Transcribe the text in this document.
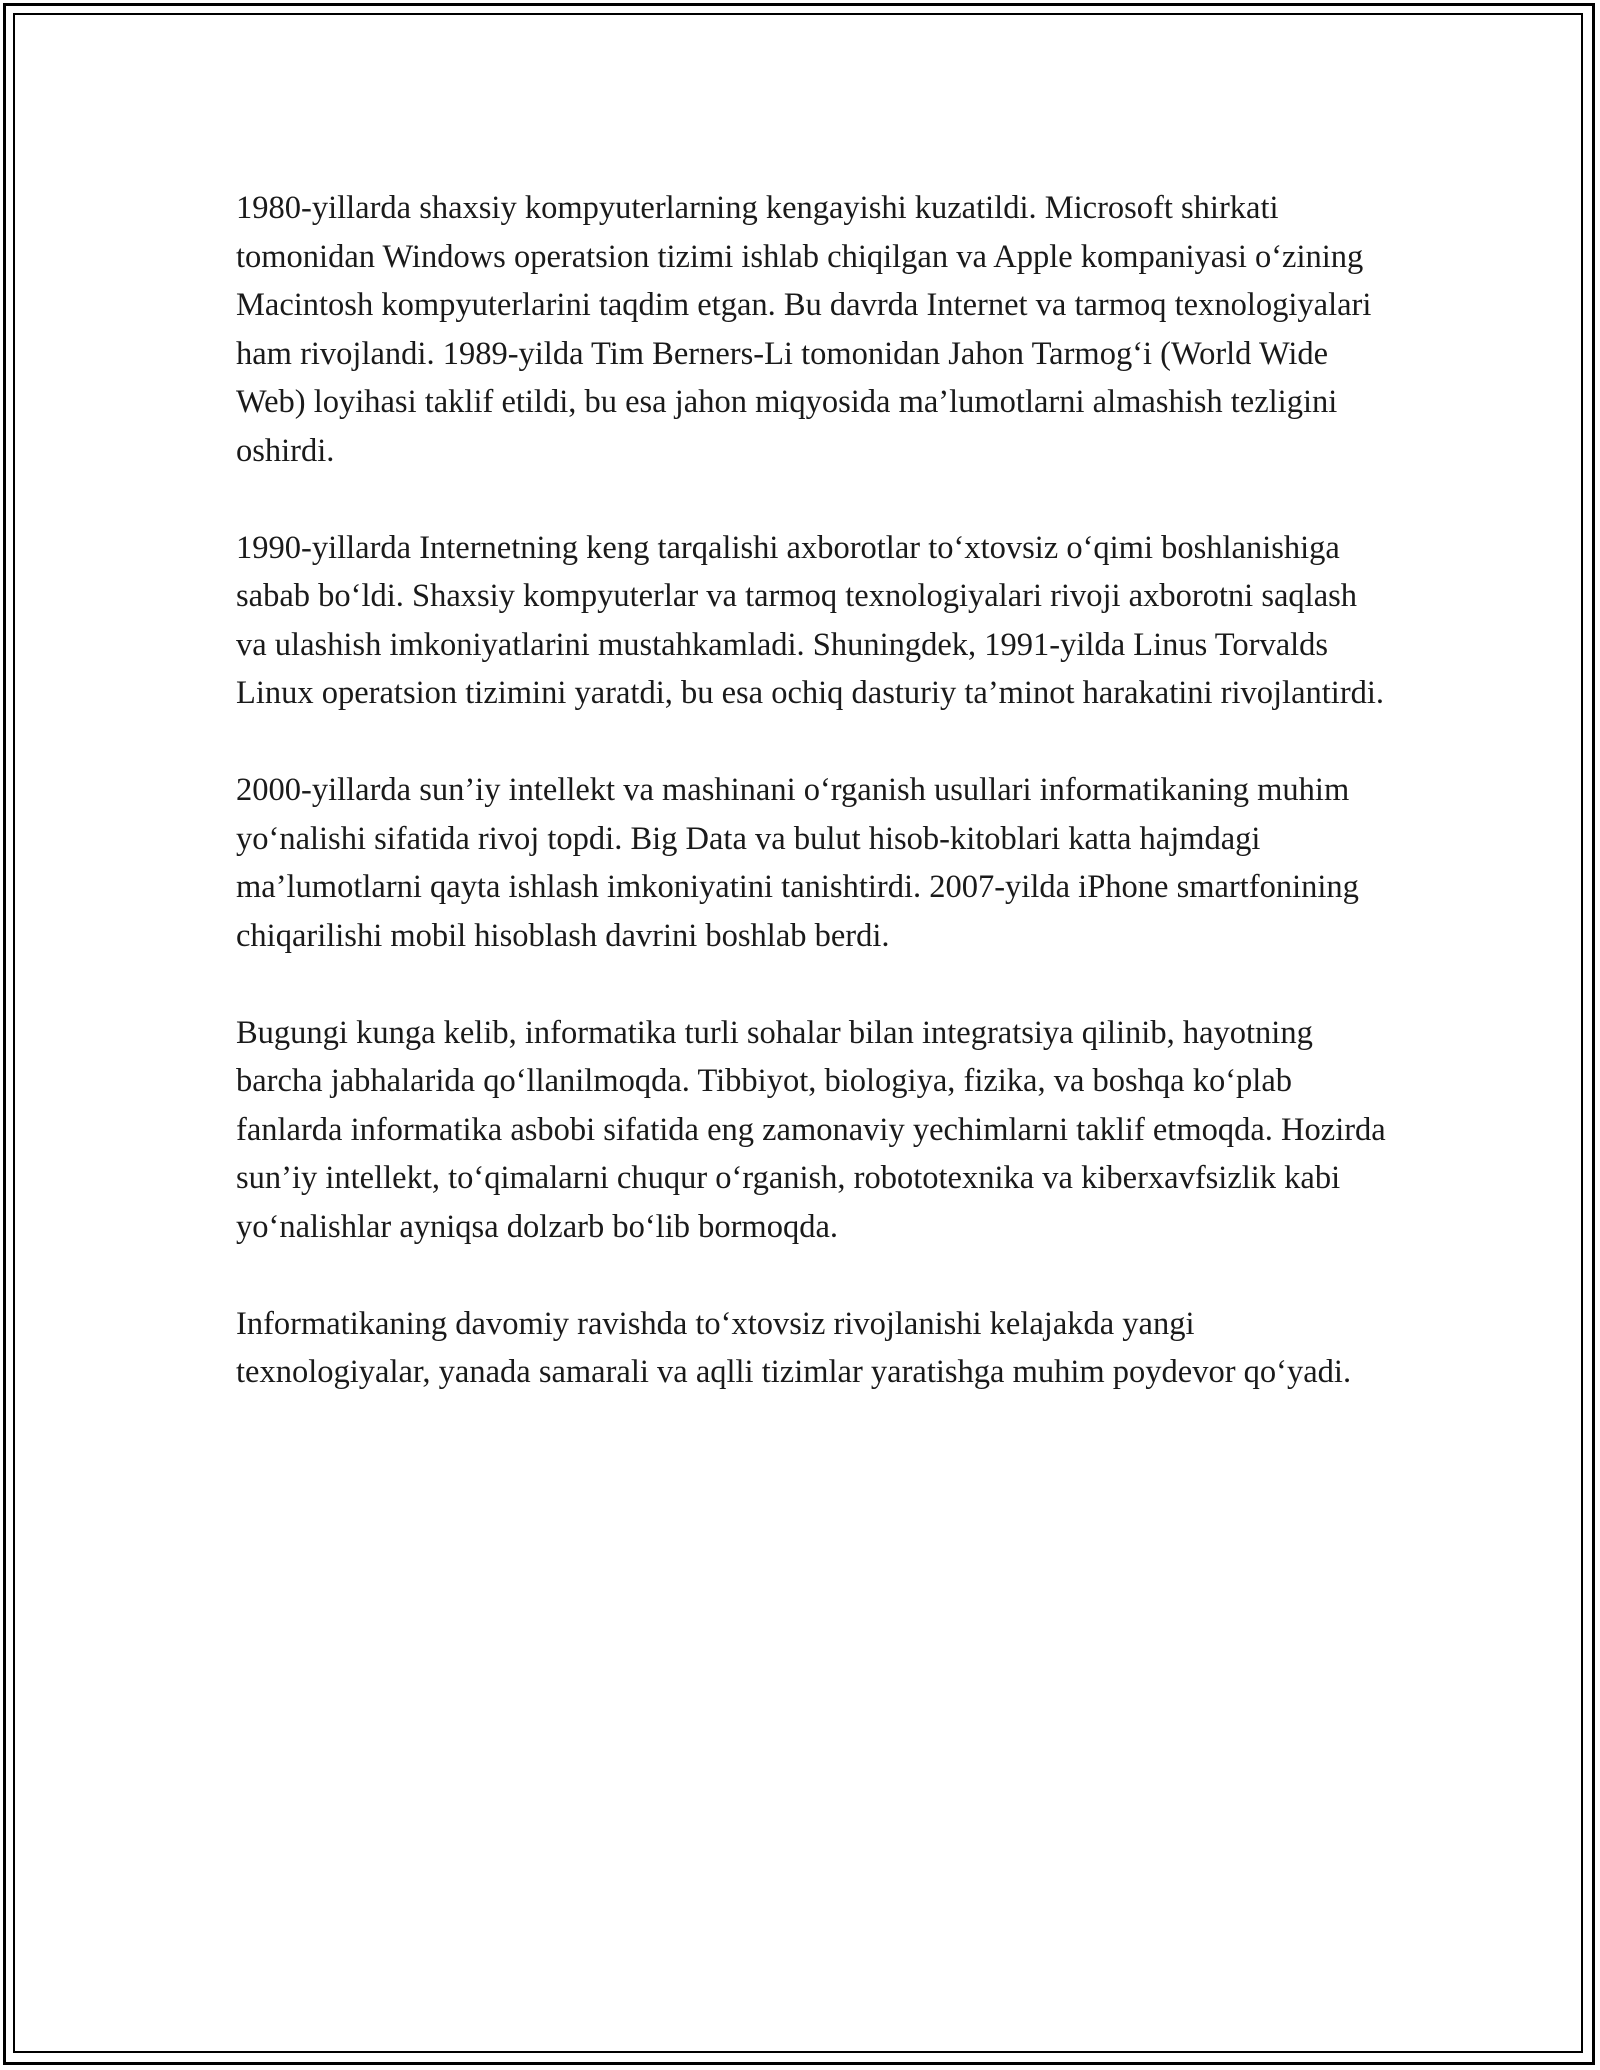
1980-yillarda shaxsiy kompyuterlarning kengayishi kuzatildi. Microsoft shirkati tomonidan Windows operatsion tizimi ishlab chiqilgan va Apple kompaniyasi o‘zining Macintosh kompyuterlarini taqdim etgan. Bu davrda Internet va tarmoq texnologiyalari ham rivojlandi. 1989-yilda Tim Berners-Li tomonidan Jahon Tarmog‘i (World Wide Web) loyihasi taklif etildi, bu esa jahon miqyosida ma’lumotlarni almashish tezligini oshirdi.

1990-yillarda Internetning keng tarqalishi axborotlar to‘xtovsiz o‘qimi boshlanishiga sabab bo‘ldi. Shaxsiy kompyuterlar va tarmoq texnologiyalari rivoji axborotni saqlash va ulashish imkoniyatlarini mustahkamladi. Shuningdek, 1991-yilda Linus Torvalds Linux operatsion tizimini yaratdi, bu esa ochiq dasturiy ta’minot harakatini rivojlantirdi.

2000-yillarda sun’iy intellekt va mashinani o‘rganish usullari informatikaning muhim yo‘nalishi sifatida rivoj topdi. Big Data va bulut hisob-kitoblari katta hajmdagi ma’lumotlarni qayta ishlash imkoniyatini tanishtirdi. 2007-yilda iPhone smartfonining chiqarilishi mobil hisoblash davrini boshlab berdi.

Bugungi kunga kelib, informatika turli sohalar bilan integratsiya qilinib, hayotning barcha jabhalarida qo‘llanilmoqda. Tibbiyot, biologiya, fizika, va boshqa ko‘plab fanlarda informatika asbobi sifatida eng zamonaviy yechimlarni taklif etmoqda. Hozirda sun’iy intellekt, to‘qimalarni chuqur o‘rganish, robototexnika va kiberxavfsizlik kabi yo‘nalishlar ayniqsa dolzarb bo‘lib bormoqda.

Informatikaning davomiy ravishda to‘xtovsiz rivojlanishi kelajakda yangi texnologiyalar, yanada samarali va aqlli tizimlar yaratishga muhim poydevor qo‘yadi.
